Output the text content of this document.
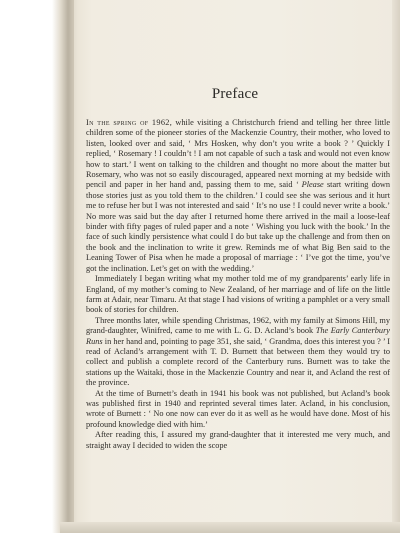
Preface

In the spring of 1962, while visiting a Christchurch friend and telling her three little children some of the pioneer stories of the Mackenzie Country, their mother, who loved to listen, looked over and said, ‘ Mrs Hosken, why don’t you write a book ? ’ Quickly I replied, ‘ Rosemary ! I couldn’t ! I am not capable of such a task and would not even know how to start.’ I went on talking to the children and thought no more about the matter but Rosemary, who was not so easily discouraged, appeared next morning at my bedside with pencil and paper in her hand and, passing them to me, said ‘ Please start writing down those stories just as you told them to the children.’ I could see she was serious and it hurt me to refuse her but I was not interested and said ‘ It’s no use ! I could never write a book.’ No more was said but the day after I returned home there arrived in the mail a loose-leaf binder with fifty pages of ruled paper and a note ‘ Wishing you luck with the book.’ In the face of such kindly persistence what could I do but take up the challenge and from then on the book and the inclination to write it grew. Reminds me of what Big Ben said to the Leaning Tower of Pisa when he made a proposal of marriage : ‘ I’ve got the time, you’ve got the inclination. Let’s get on with the wedding.’

Immediately I began writing what my mother told me of my grandparents’ early life in England, of my mother’s coming to New Zealand, of her marriage and of life on the little farm at Adair, near Timaru. At that stage I had visions of writing a pamphlet or a very small book of stories for children.

Three months later, while spending Christmas, 1962, with my family at Simons Hill, my grand-daughter, Winifred, came to me with L. G. D. Acland’s book The Early Canterbury Runs in her hand and, pointing to page 351, she said, ‘ Grandma, does this interest you ? ’ I read of Acland’s arrangement with T. D. Burnett that between them they would try to collect and publish a complete record of the Canterbury runs. Burnett was to take the stations up the Waitaki, those in the Mackenzie Country and near it, and Acland the rest of the province.

At the time of Burnett’s death in 1941 his book was not published, but Acland’s book was published first in 1940 and reprinted several times later. Acland, in his conclusion, wrote of Burnett : ‘ No one now can ever do it as well as he would have done. Most of his profound knowledge died with him.’

After reading this, I assured my grand-daughter that it interested me very much, and straight away I decided to widen the scope
